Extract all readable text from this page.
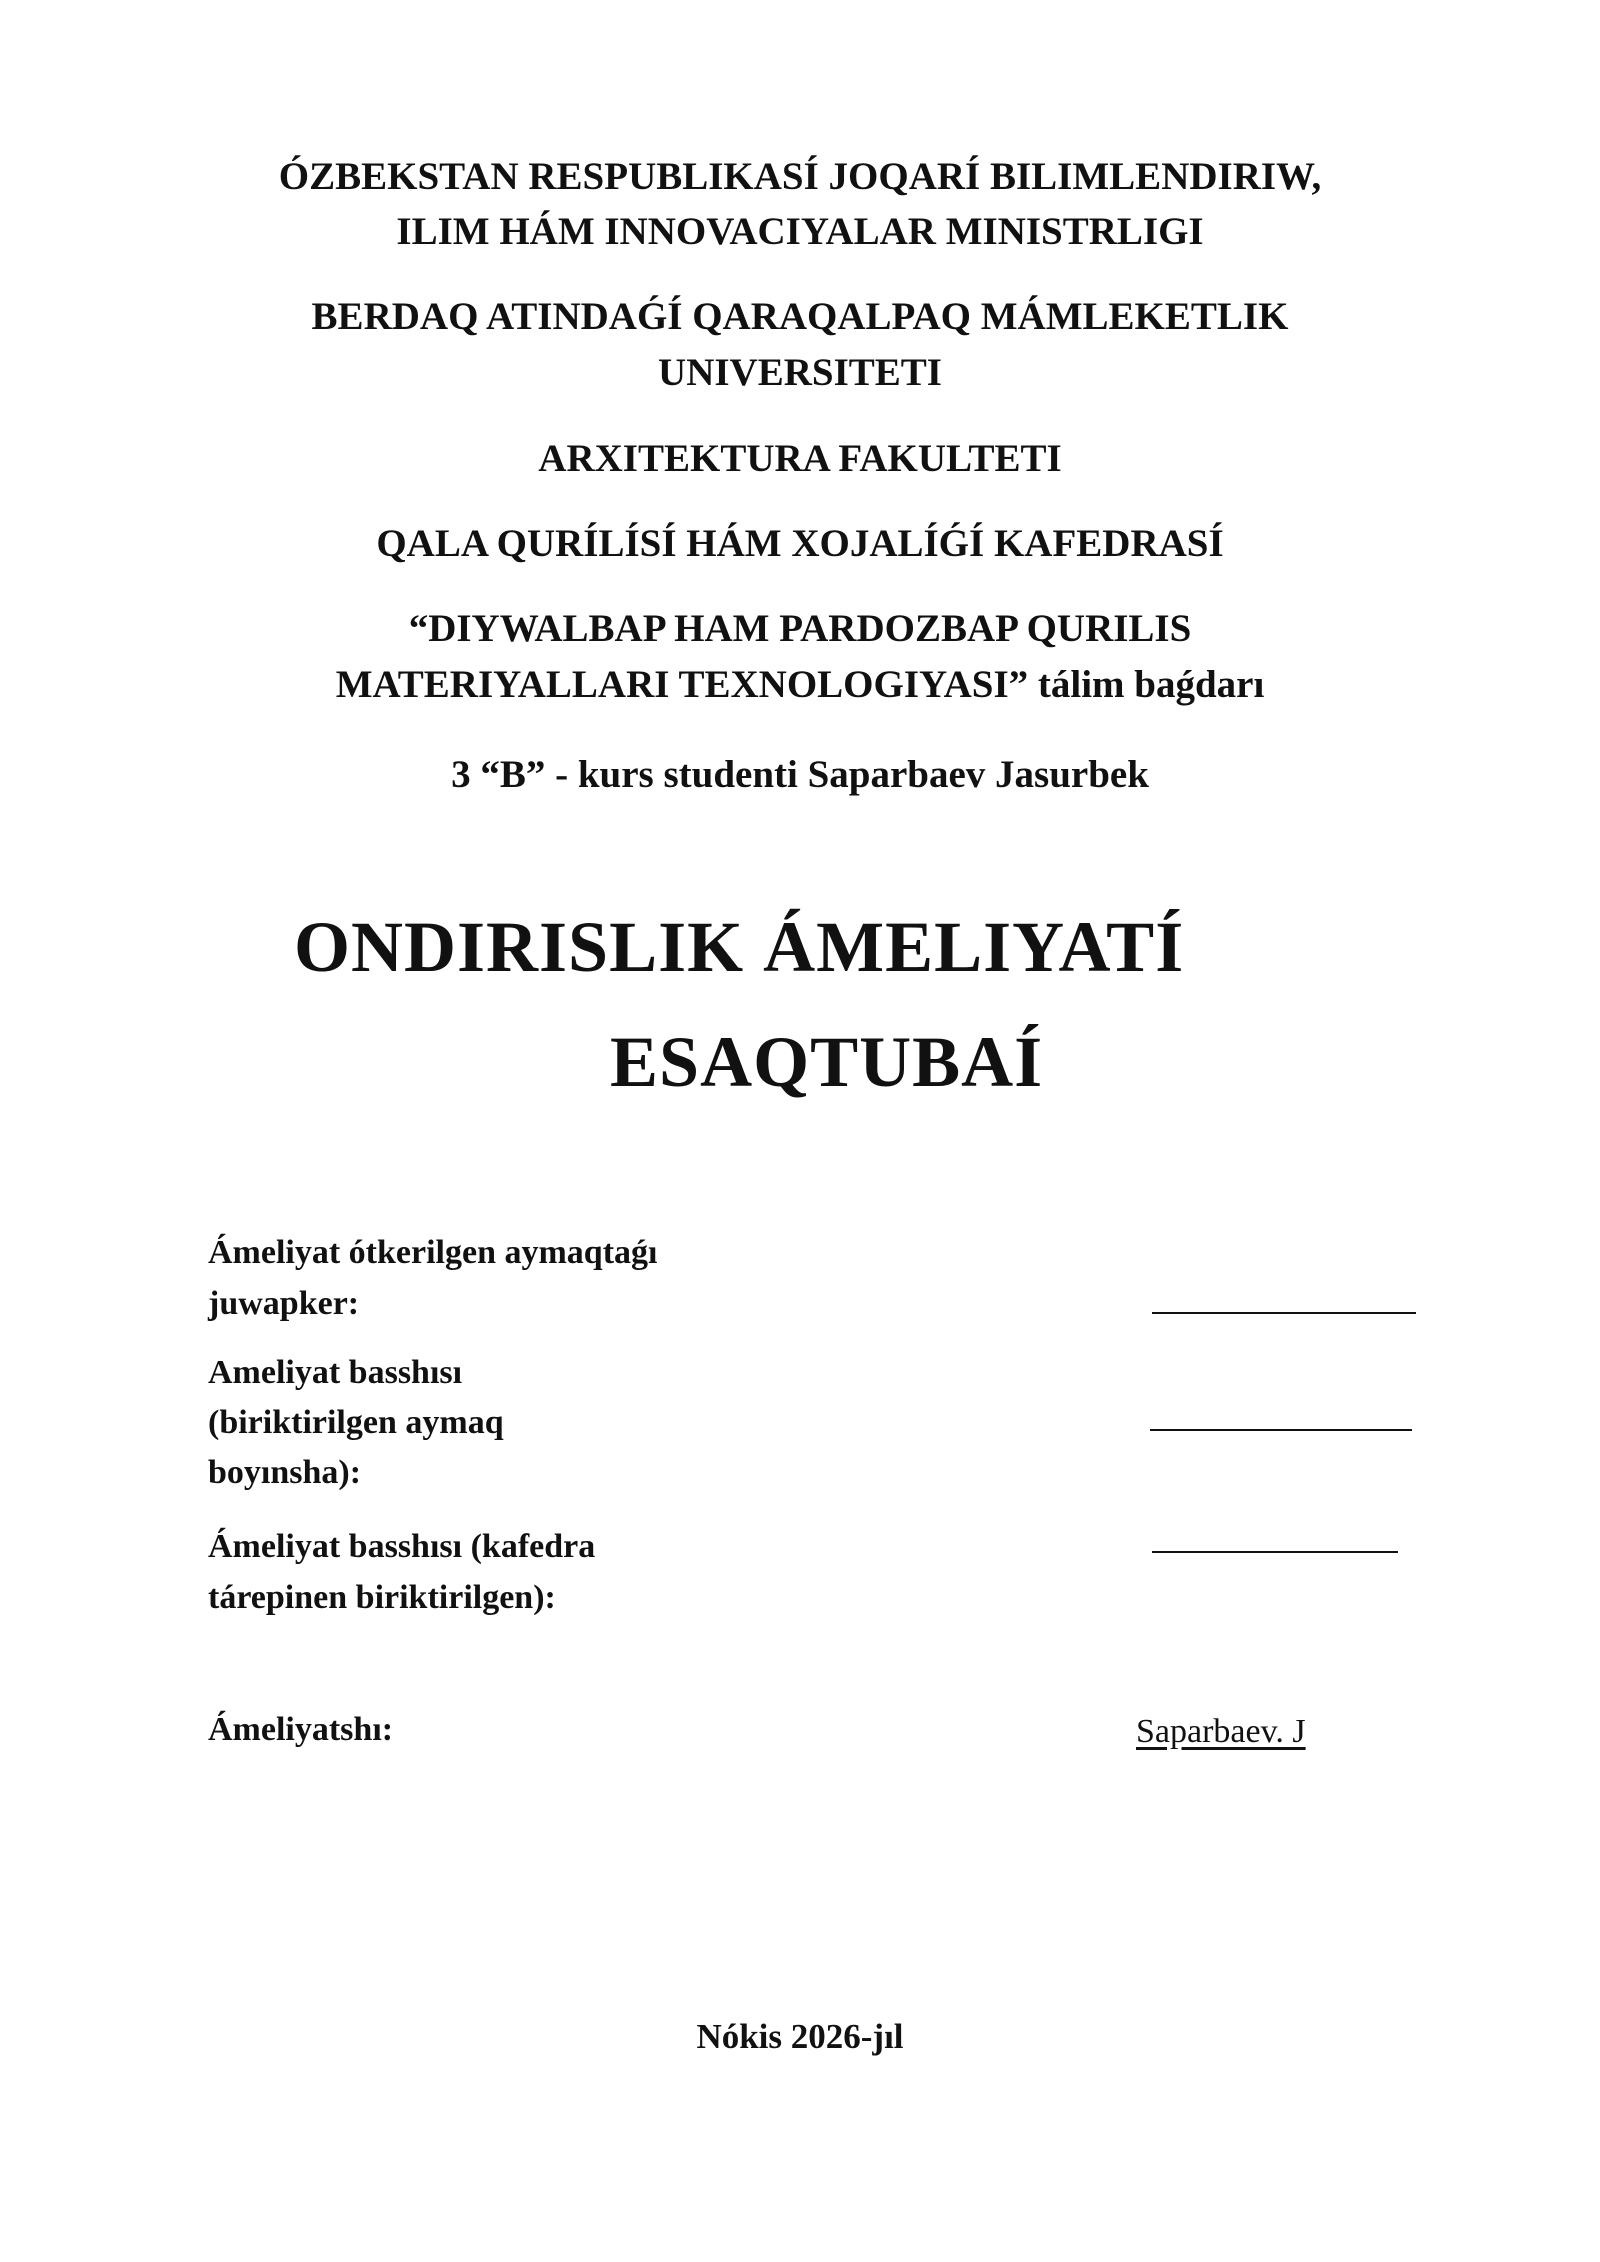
ÓZBEKSTAN RESPUBLIKASÍ JOQARÍ BILIMLENDIRIW,
ILIM HÁM INNOVACIYALAR MINISTRLIGI
BERDAQ ATINDAǴÍ QARAQALPAQ MÁMLEKETLIK
UNIVERSITETI
ARXITEKTURA FAKULTETI
QALA QURÍLÍSÍ HÁM XOJALÍǴÍ KAFEDRASÍ
“DIYWALBAP HAM PARDOZBAP QURILIS
MATERIYALLARI TEXNOLOGIYASI” tálim baǵdarı
3 “B” - kurs studenti Saparbaev Jasurbek
ONDIRISLIK ÁMELIYATÍ
ESAQTUBAÍ
Ámeliyat ótkerilgen aymaqtaǵı
juwapker:
Ameliyat basshısı
(biriktirilgen aymaq
boyınsha):
Ámeliyat basshısı (kafedra
tárepinen biriktirilgen):
Ámeliyatshı:	Saparbaev. J
Nókis 2026-jıl
